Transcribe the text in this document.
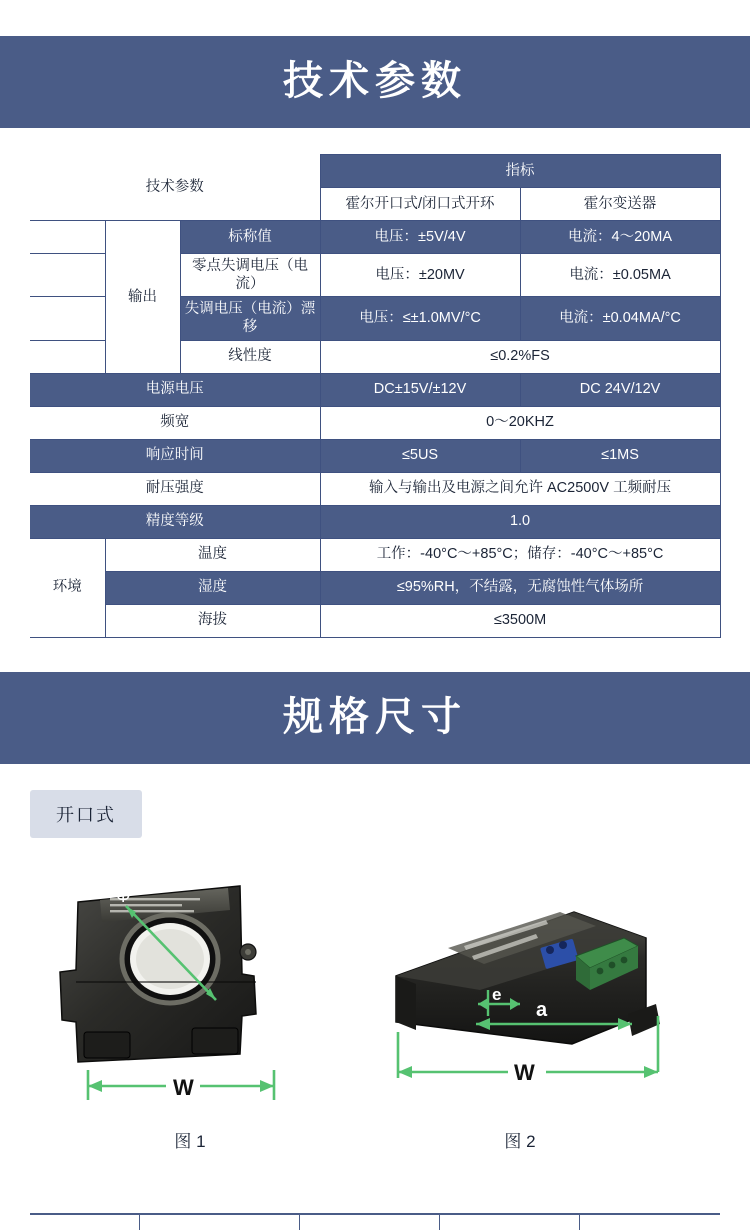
技术参数
技术参数			指标	
			霍尔开口式/闭口式开环	霍尔变送器
	输出	标称值	电压：±5V/4V	电流：4～20MA
		零点失调电压（电流）	电压：±20MV	电流：±0.05MA
		失调电压（电流）漂移	电压：≤±1.0MV/°C	电流：±0.04MA/°C
		线性度	≤0.2%FS	
电源电压			DC±15V/±12V	DC 24V/12V
频宽			0～20KHZ	
响应时间			≤5US	≤1MS
耐压强度			输入与输出及电源之间允许 AC2500V 工频耐压	
精度等级			1.0	
环境	温度		工作：-40°C～+85°C；储存：-40°C～+85°C	
	湿度		≤95%RH，不结露，无腐蚀性气体场所	
	海拔		≤3500M	
规格尺寸
开口式
Φ
W
图 1
e
a
W
图 2
